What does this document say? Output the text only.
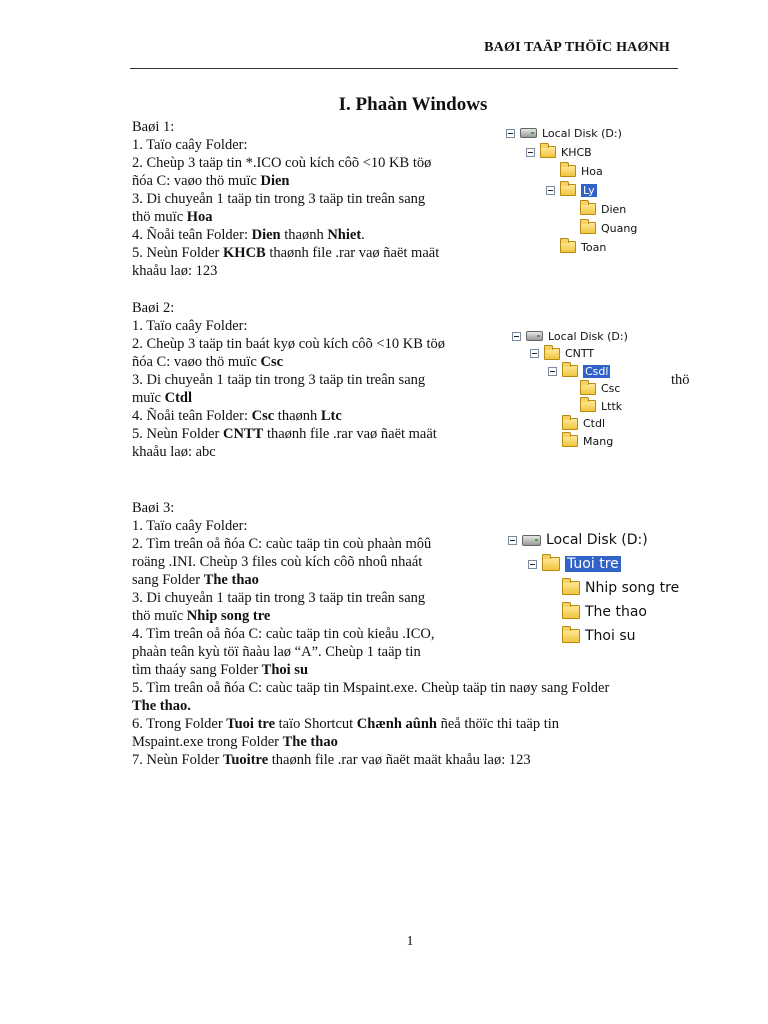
BAØI TAÄP THÖÏC HAØNH
I. Phaàn Windows
Baøi 1:
1. Taïo caây Folder:
2. Cheùp 3 taäp tin *.ICO coù kích côõ <10 KB töø
ñóa C: vaøo thö muïc Dien
3. Di chuyeån 1 taäp tin trong 3 taäp tin treân sang
thö muïc Hoa
4. Ñoåi teân Folder: Dien thaønh Nhiet.
5. Neùn Folder KHCB thaønh file .rar vaø ñaët maät
khaåu laø: 123
Baøi 2:
1. Taïo caây Folder:
2. Cheùp 3 taäp tin baát kyø coù kích côõ <10 KB töø
ñóa C: vaøo thö muïc Csc
3. Di chuyeån 1 taäp tin trong 3 taäp tin treân sang
muïc Ctdl
4. Ñoåi teân Folder: Csc thaønh Ltc
5. Neùn Folder CNTT thaønh file .rar vaø ñaët maät
khaåu laø: abc
Baøi 3:
1. Taïo caây Folder:
2. Tìm treân oå ñóa C: caùc taäp tin coù phaàn môû
roäng .INI. Cheùp 3 files coù kích côõ nhoû nhaát
sang Folder The thao
3. Di chuyeån 1 taäp tin trong 3 taäp tin treân sang
thö muïc Nhip song tre
4. Tìm treân oå ñóa C: caùc taäp tin coù kieåu .ICO,
phaàn teân kyù töï ñaàu laø “A”. Cheùp 1 taäp tin
tìm thaáy sang Folder Thoi su
5. Tìm treân oå ñóa C: caùc taäp tin Mspaint.exe. Cheùp taäp tin naøy sang Folder
The thao.
6. Trong Folder Tuoi tre taïo Shortcut Chænh aûnh ñeå thöïc thi taäp tin
Mspaint.exe trong Folder The thao
7. Neùn Folder Tuoitre thaønh file .rar vaø ñaët maät khaåu laø: 123
thö
Local Disk (D:)
KHCB
Hoa
Ly
Dien
Quang
Toan
Local Disk (D:)
CNTT
Csdl
Csc
Lttk
Ctdl
Mang
Local Disk (D:)
Tuoi tre
Nhip song tre
The thao
Thoi su
1
